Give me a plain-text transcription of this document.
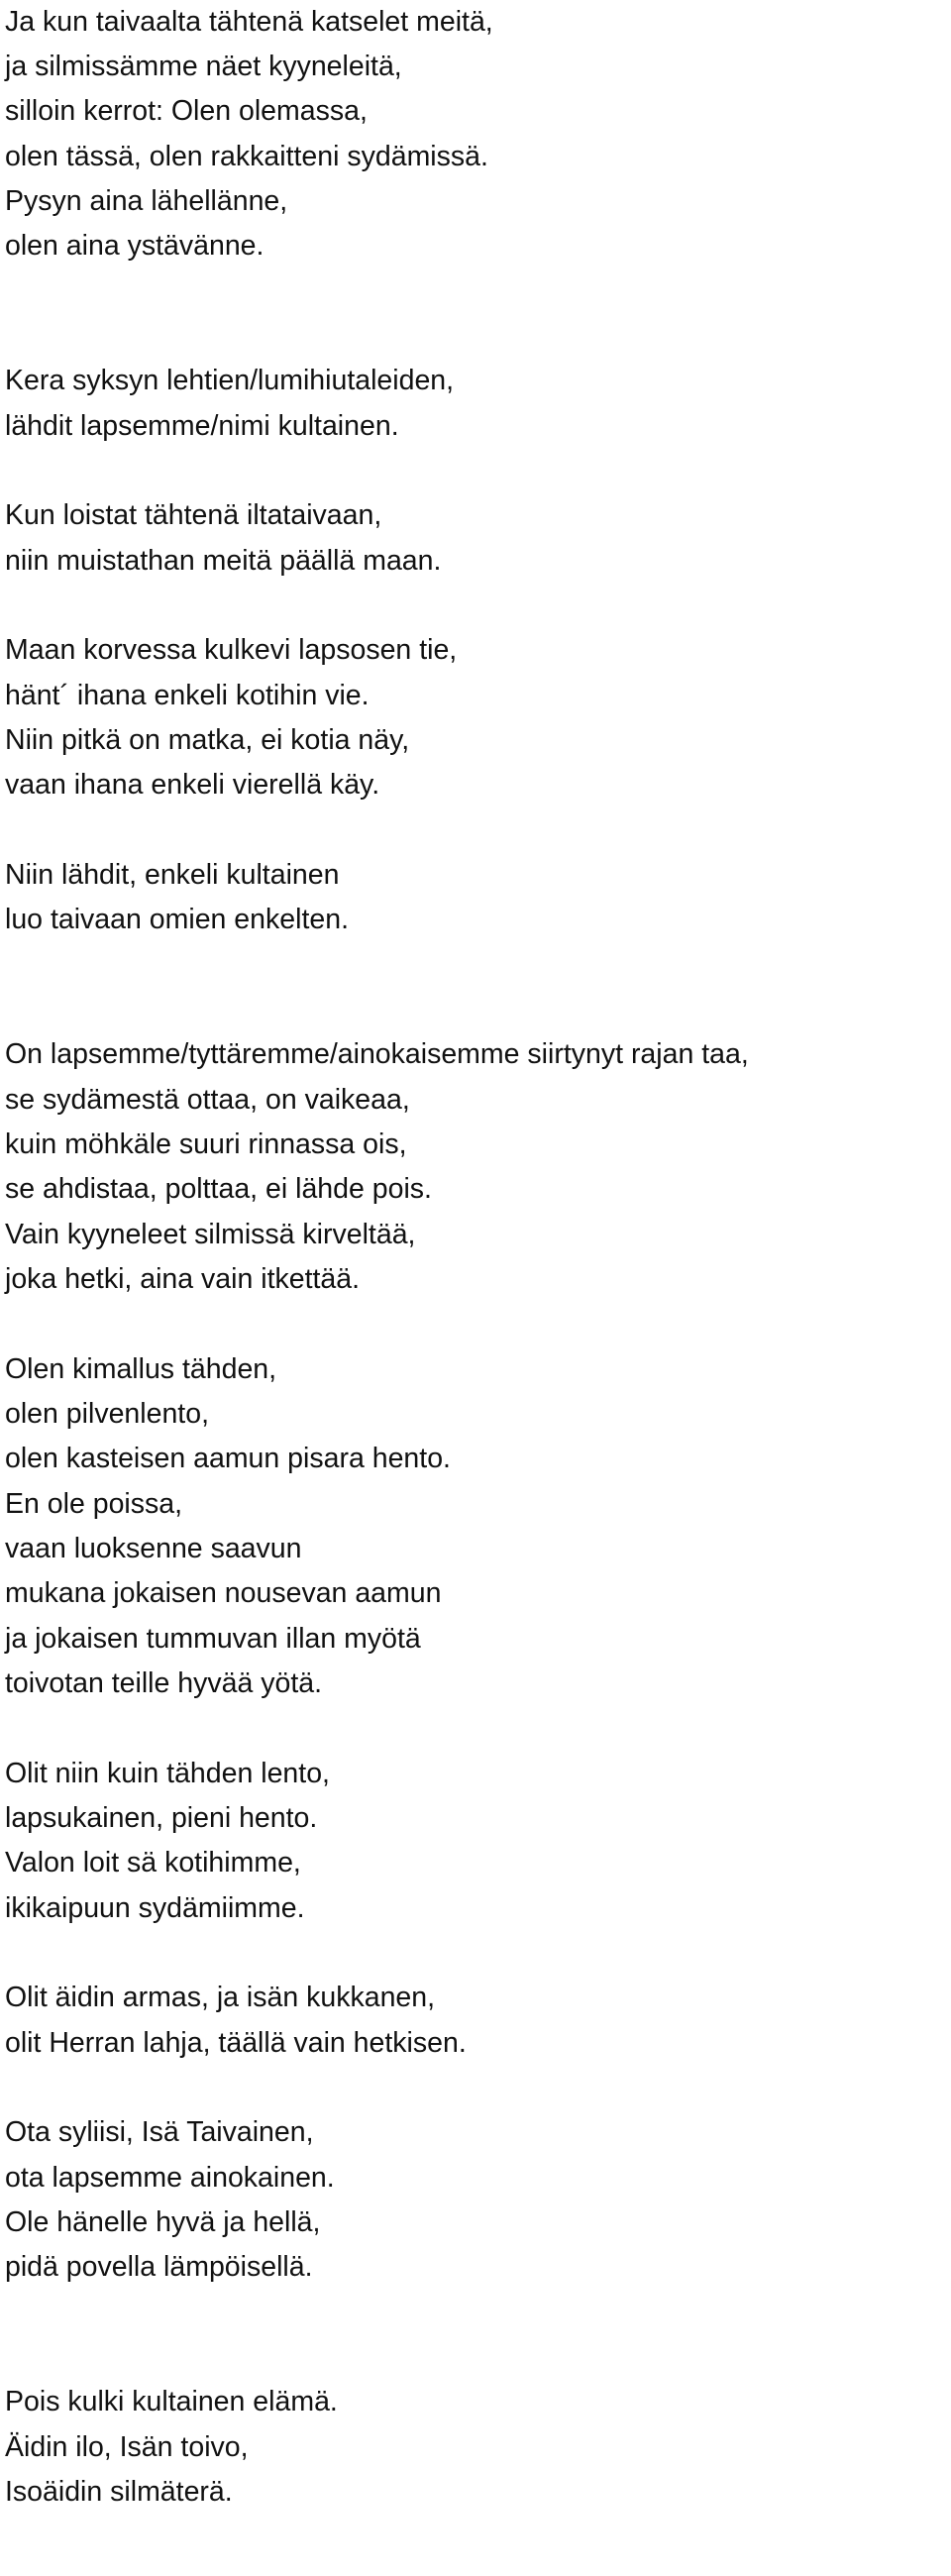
Ja kun taivaalta tähtenä katselet meitä,
ja silmissämme näet kyyneleitä,
silloin kerrot: Olen olemassa,
olen tässä, olen rakkaitteni sydämissä.
Pysyn aina lähellänne,
olen aina ystävänne.
Kera syksyn lehtien/lumihiutaleiden,
lähdit lapsemme/nimi kultainen.
Kun loistat tähtenä iltataivaan,
niin muistathan meitä päällä maan.
Maan korvessa kulkevi lapsosen tie,
hänt´ ihana enkeli kotihin vie.
Niin pitkä on matka, ei kotia näy,
vaan ihana enkeli vierellä käy.
Niin lähdit, enkeli kultainen
luo taivaan omien enkelten.
On lapsemme/tyttäremme/ainokaisemme siirtynyt rajan taa,
se sydämestä ottaa, on vaikeaa,
kuin möhkäle suuri rinnassa ois,
se ahdistaa, polttaa, ei lähde pois.
Vain kyyneleet silmissä kirveltää,
joka hetki, aina vain itkettää.
Olen kimallus tähden,
olen pilvenlento,
olen kasteisen aamun pisara hento.
En ole poissa,
vaan luoksenne saavun
mukana jokaisen nousevan aamun
ja jokaisen tummuvan illan myötä
toivotan teille hyvää yötä.
Olit niin kuin tähden lento,
lapsukainen, pieni hento.
Valon loit sä kotihimme,
ikikaipuun sydämiimme.
Olit äidin armas, ja isän kukkanen,
olit Herran lahja, täällä vain hetkisen.
Ota syliisi, Isä Taivainen,
ota lapsemme ainokainen.
Ole hänelle hyvä ja hellä,
pidä povella lämpöisellä.
Pois kulki kultainen elämä.
Äidin ilo, Isän toivo,
Isoäidin silmäterä.
